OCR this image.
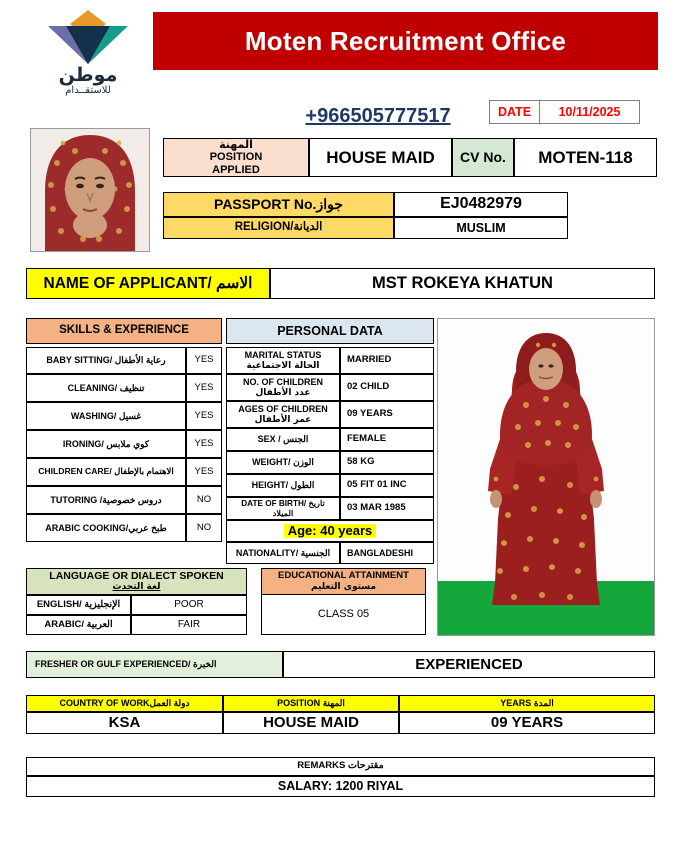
موطن
للاستقــدام
Moten Recruitment Office
+966505777517	DATE	10/11/2025
المهنة
POSITION
APPLIED
HOUSE MAID	CV No.	MOTEN-118
PASSPORT No.جواز	EJ0482979
RELIGION/الديانة	MUSLIM
NAME OF APPLICANT/ الاسم	MST ROKEYA KHATUN
SKILLS & EXPERIENCE
BABY SITTING/ رعاية الأطفال	YES
CLEANING/ تنظيف	YES
WASHING/ غسيل	YES
IRONING/ كوي ملابس	YES
CHILDREN CARE/ الاهتمام بالإطفال	YES
TUTORING /دروس خصوصية	NO
ARABIC COOKING/طبخ عربي	NO
PERSONAL DATA
MARITAL STATUS
الحالة الاجتماعية
MARRIED
NO. OF CHILDREN
عدد الأطفال
02 CHILD
AGES OF CHILDREN
عمر الأطفال
09 YEARS
SEX / الجنس	FEMALE
WEIGHT/ الوزن	58 KG
HEIGHT/ الطول	05 FIT 01 INC
DATE OF BIRTH/ تاريخ الميلاد	03 MAR 1985
Age: 40 years
NATIONALITY/ الجنسية	BANGLADESHI
LANGUAGE OR DIALECT SPOKEN
لغة التحدث
ENGLISH/ الإنجليزية	POOR
ARABIC/ العربية	FAIR
EDUCATIONAL ATTAINMENT
مستوى التعليم
CLASS 05
FRESHER OR GULF EXPERIENCED/ الخبرة	EXPERIENCED
COUNTRY OF WORKدولة العمل	POSITION المهنة	YEARS المدة
KSA	HOUSE MAID	09 YEARS
REMARKS مقترحات
SALARY: 1200 RIYAL
